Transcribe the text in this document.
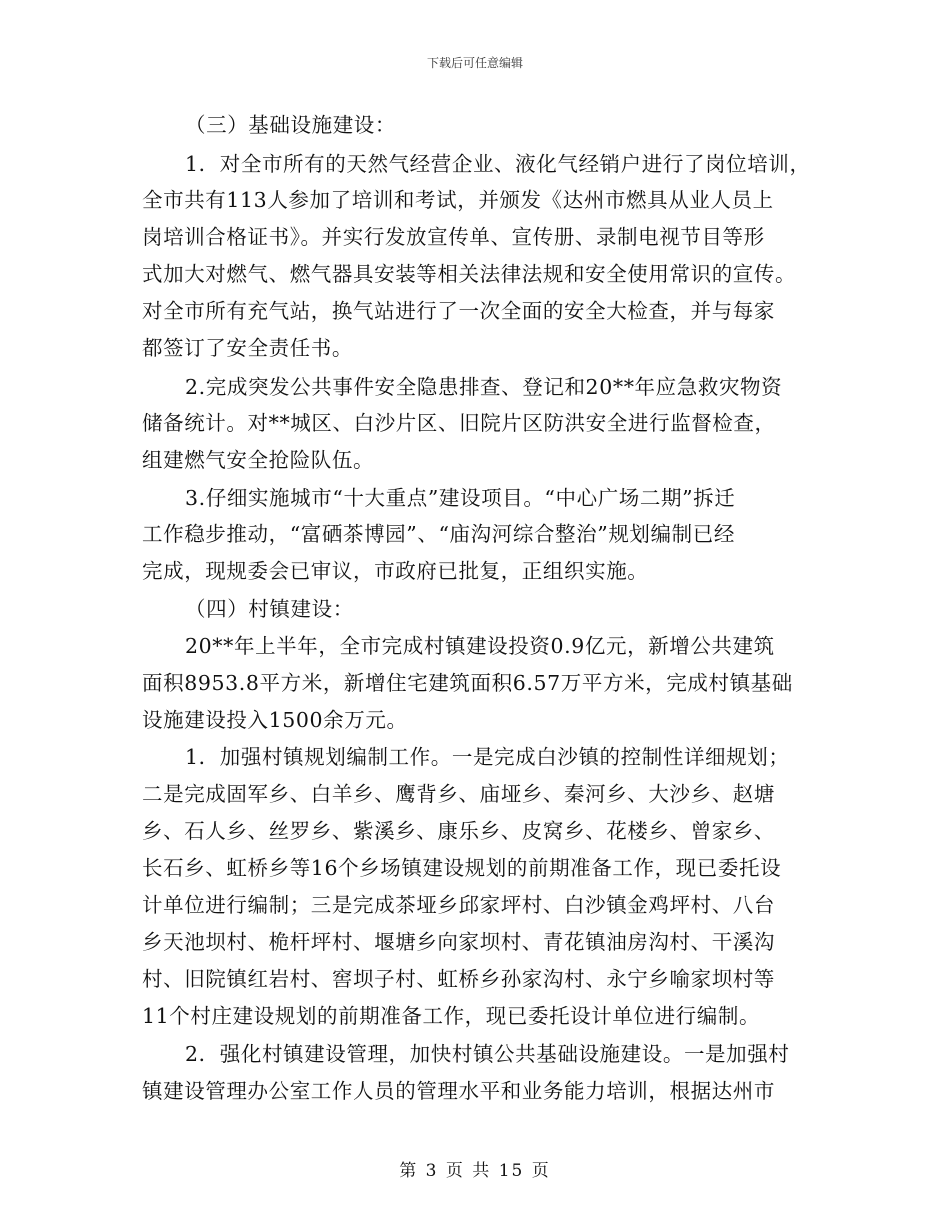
下载后可任意编辑
（三）基础设施建设：
1．对全市所有的天然气经营企业、液化气经销户进行了岗位培训，
全市共有113人参加了培训和考试，并颁发《达州市燃具从业人员上
岗培训合格证书》。并实行发放宣传单、宣传册、录制电视节目等形
式加大对燃气、燃气器具安装等相关法律法规和安全使用常识的宣传。
对全市所有充气站，换气站进行了一次全面的安全大检查，并与每家
都签订了安全责任书。
2.完成突发公共事件安全隐患排查、登记和20**年应急救灾物资
储备统计。对**城区、白沙片区、旧院片区防洪安全进行监督检查，
组建燃气安全抢险队伍。
3.仔细实施城市“十大重点”建设项目。“中心广场二期”拆迁
工作稳步推动，“富硒茶博园”、“庙沟河综合整治”规划编制已经
完成，现规委会已审议，市政府已批复，正组织实施。
（四）村镇建设：
20**年上半年，全市完成村镇建设投资0.9亿元，新增公共建筑
面积8953.8平方米，新增住宅建筑面积6.57万平方米，完成村镇基础
设施建设投入1500余万元。
1．加强村镇规划编制工作。一是完成白沙镇的控制性详细规划；
二是完成固军乡、白羊乡、鹰背乡、庙垭乡、秦河乡、大沙乡、赵塘
乡、石人乡、丝罗乡、紫溪乡、康乐乡、皮窝乡、花楼乡、曾家乡、
长石乡、虹桥乡等16个乡场镇建设规划的前期准备工作，现已委托设
计单位进行编制；三是完成茶垭乡邱家坪村、白沙镇金鸡坪村、八台
乡天池坝村、桅杆坪村、堰塘乡向家坝村、青花镇油房沟村、干溪沟
村、旧院镇红岩村、窖坝子村、虹桥乡孙家沟村、永宁乡喻家坝村等
11个村庄建设规划的前期准备工作，现已委托设计单位进行编制。
2．强化村镇建设管理，加快村镇公共基础设施建设。一是加强村
镇建设管理办公室工作人员的管理水平和业务能力培训，根据达州市
第 3 页 共 15 页
